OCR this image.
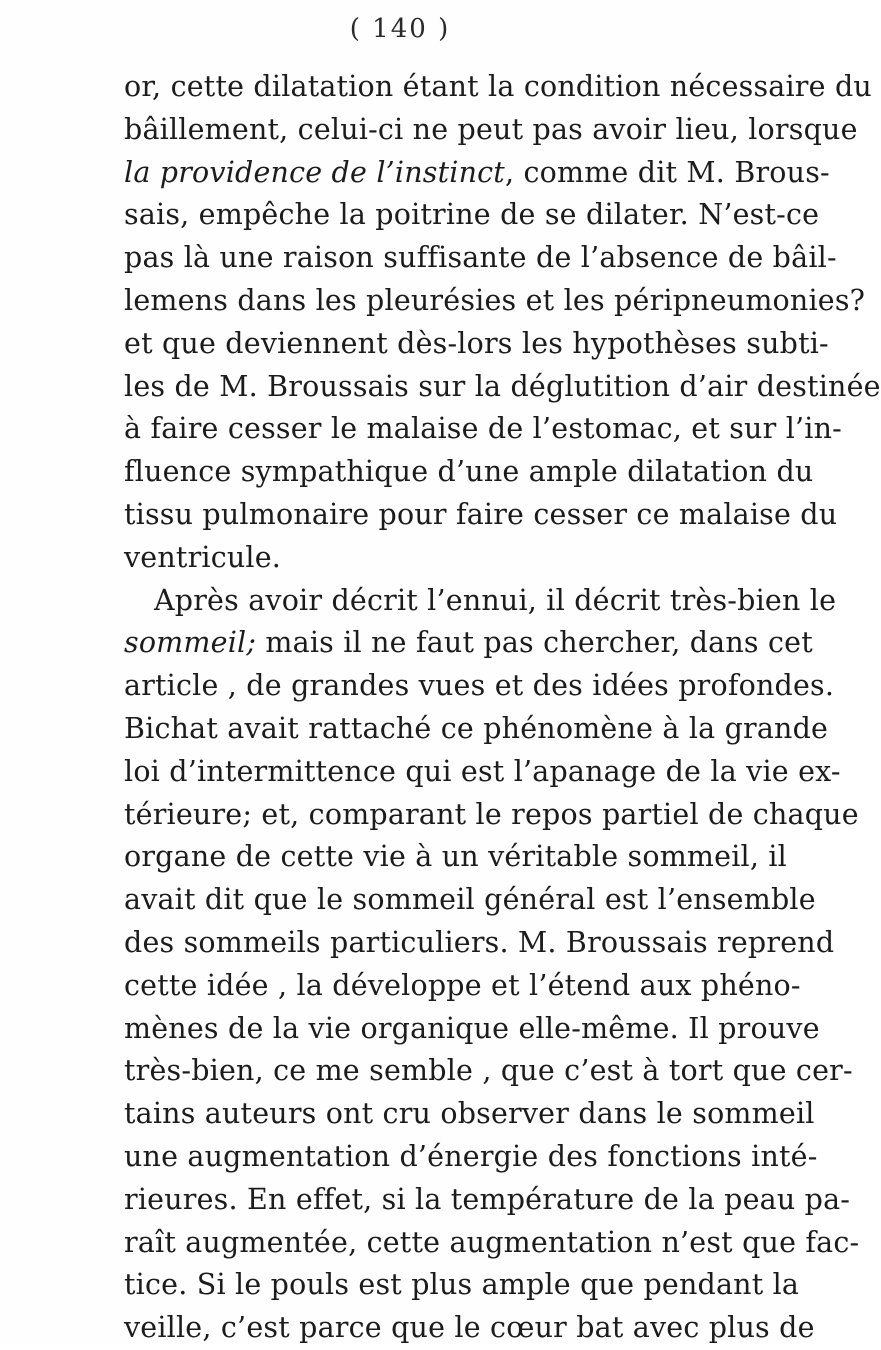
( 140 )
or, cette dilatation étant la condition nécessaire du
bâillement, celui-ci ne peut pas avoir lieu, lorsque
la providence de l’instinct, comme dit M. Brous-
sais, empêche la poitrine de se dilater. N’est-ce
pas là une raison suffisante de l’absence de bâil-
lemens dans les pleurésies et les péripneumonies?
et que deviennent dès-lors les hypothèses subti-
les de M. Broussais sur la déglutition d’air destinée
à faire cesser le malaise de l’estomac, et sur l’in-
fluence sympathique d’une ample dilatation du
tissu pulmonaire pour faire cesser ce malaise du
ventricule.
Après avoir décrit l’ennui, il décrit très-bien le
sommeil; mais il ne faut pas chercher, dans cet
article , de grandes vues et des idées profondes.
Bichat avait rattaché ce phénomène à la grande
loi d’intermittence qui est l’apanage de la vie ex-
térieure; et, comparant le repos partiel de chaque
organe de cette vie à un véritable sommeil, il
avait dit que le sommeil général est l’ensemble
des sommeils particuliers. M. Broussais reprend
cette idée , la développe et l’étend aux phéno-
mènes de la vie organique elle-même. Il prouve
très-bien, ce me semble , que c’est à tort que cer-
tains auteurs ont cru observer dans le sommeil
une augmentation d’énergie des fonctions inté-
rieures. En effet, si la température de la peau pa-
raît augmentée, cette augmentation n’est que fac-
tice. Si le pouls est plus ample que pendant la
veille, c’est parce que le cœur bat avec plus de
